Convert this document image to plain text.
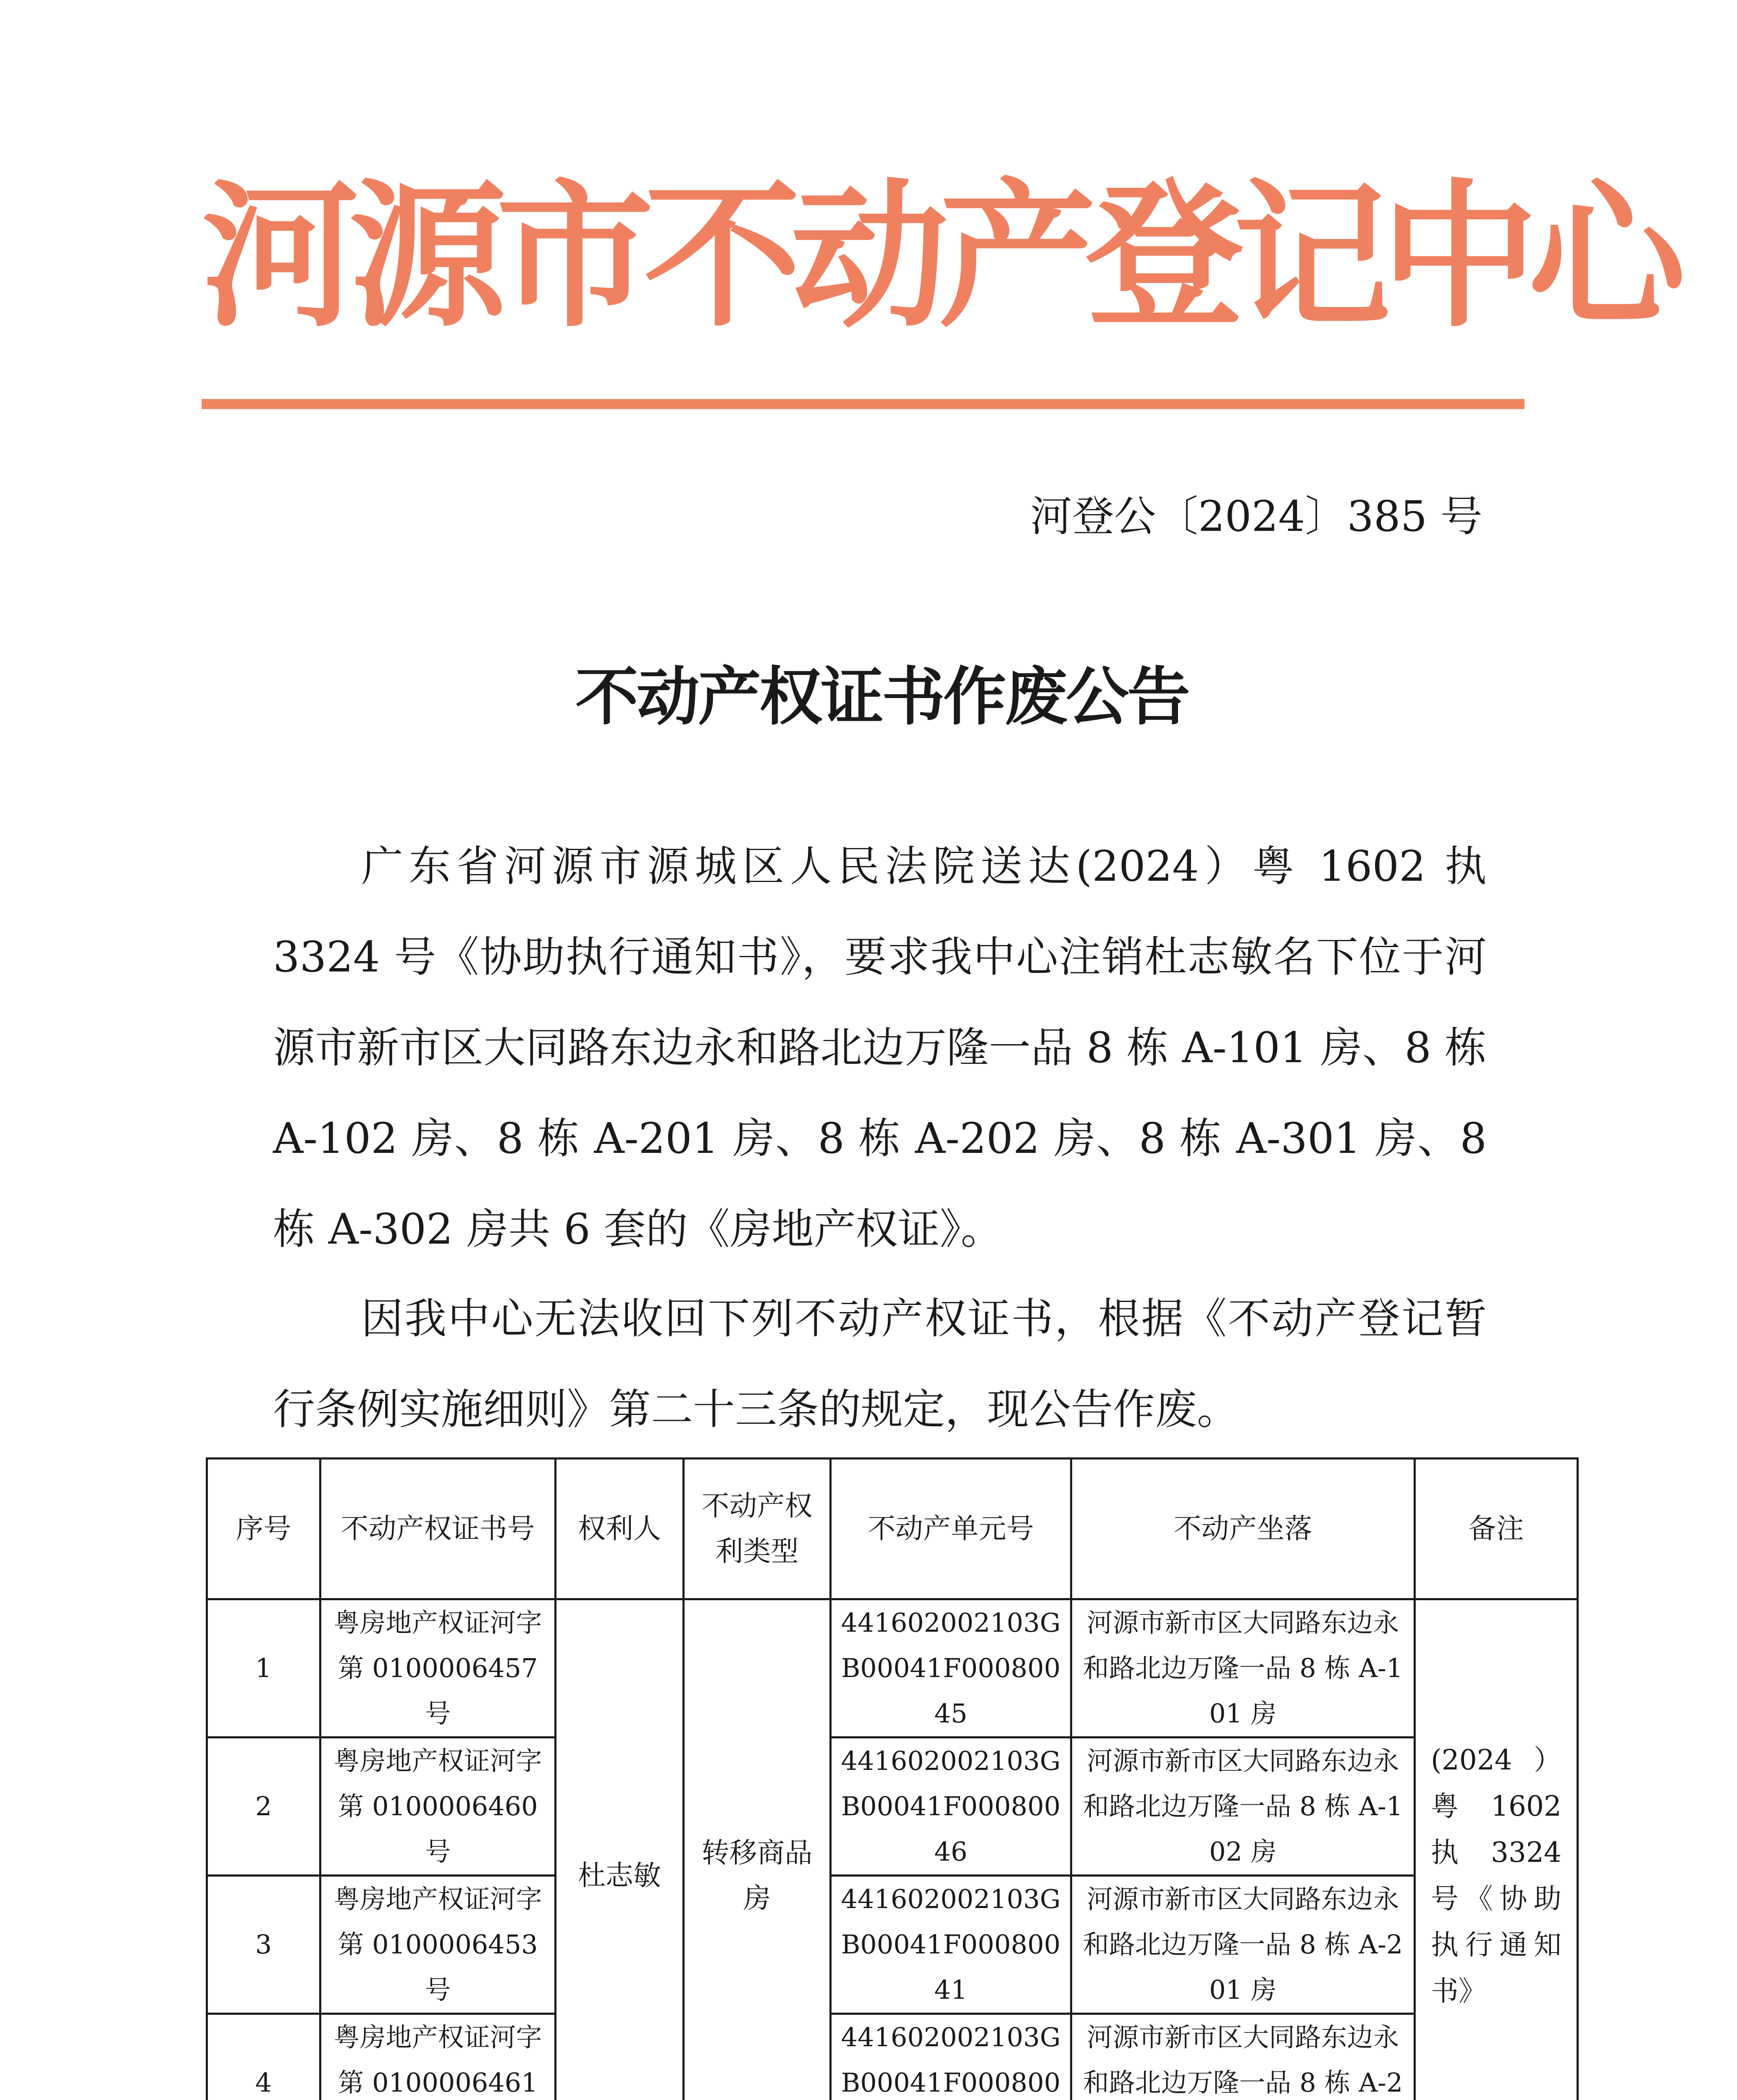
河源市不动产登记中心
河登公〔2024〕385 号
不动产权证书作废公告

广东省河源市源城区人民法院送达(2024）粤 1602 执 3324 号《协助执行通知书》，要求我中心注销杜志敏名下位于河源市新市区大同路东边永和路北边万隆一品 8 栋 A-101 房、8 栋 A-102 房、8 栋 A-201 房、8 栋 A-202 房、8 栋 A-301 房、8 栋 A-302 房共 6 套的《房地产权证》。

因我中心无法收回下列不动产权证书，根据《不动产登记暂行条例实施细则》第二十三条的规定，现公告作废。

序号	不动产权证书号	权利人	不动产权利类型	不动产单元号	不动产坐落	备注
1	粤房地产权证河字第 0100006457 号	杜志敏	转移商品房	441602002103GB00041F00080045	河源市新市区大同路东边永和路北边万隆一品 8 栋 A-101 房	(2024）粤 1602 执 3324 号《协助执行通知书》
2	粤房地产权证河字第 0100006460 号			441602002103GB00041F00080046	河源市新市区大同路东边永和路北边万隆一品 8 栋 A-102 房	
3	粤房地产权证河字第 0100006453 号			441602002103GB00041F00080041	河源市新市区大同路东边永和路北边万隆一品 8 栋 A-201 房	
4	粤房地产权证河字第 0100006461			441602002103GB00041F000800	河源市新市区大同路东边永和路北边万隆一品 8 栋 A-2	
